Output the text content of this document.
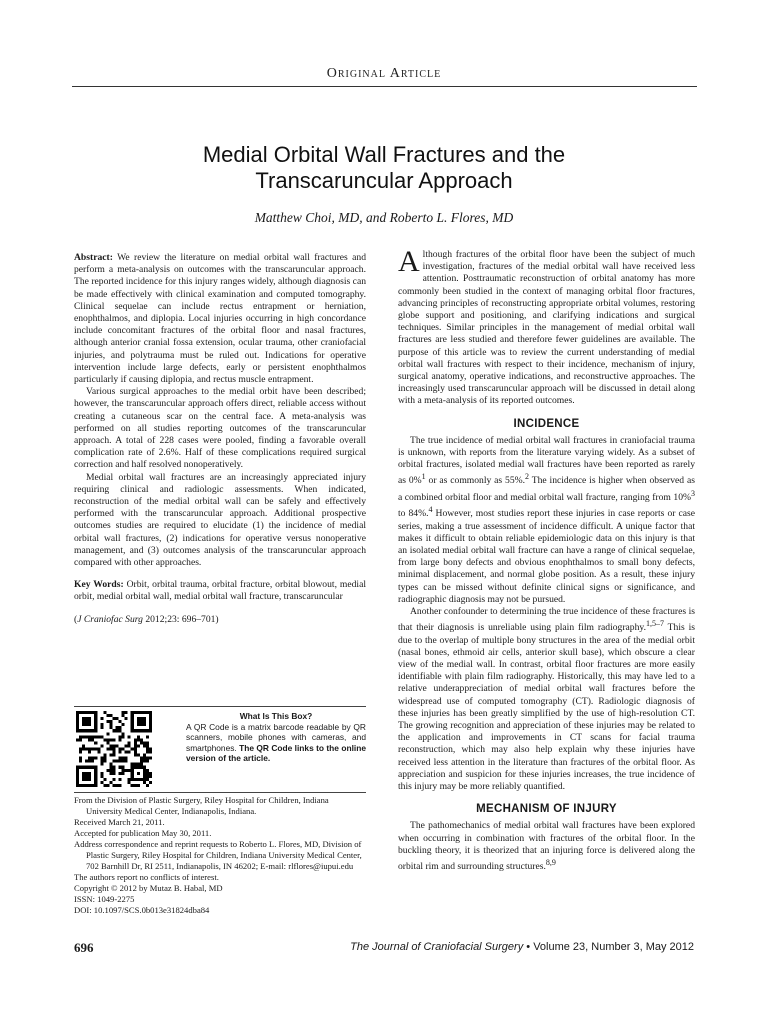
Original Article
Medial Orbital Wall Fractures and the
Transcaruncular Approach
Matthew Choi, MD, and Roberto L. Flores, MD

Abstract: We review the literature on medial orbital wall fractures and perform a meta-analysis on outcomes with the transcaruncular approach. The reported incidence for this injury ranges widely, although diagnosis can be made effectively with clinical examination and computed tomography. Clinical sequelae can include rectus entrapment or herniation, enophthalmos, and diplopia. Local injuries occurring in high concordance include concomitant fractures of the orbital floor and nasal fractures, although anterior cranial fossa extension, ocular trauma, other craniofacial injuries, and polytrauma must be ruled out. Indications for operative intervention include large defects, early or persistent enophthalmos particularly if causing diplopia, and rectus muscle entrapment.

Various surgical approaches to the medial orbit have been described; however, the transcaruncular approach offers direct, reliable access without creating a cutaneous scar on the central face. A meta-analysis was performed on all studies reporting outcomes of the transcaruncular approach. A total of 228 cases were pooled, finding a favorable overall complication rate of 2.6%. Half of these complications required surgical correction and half resolved nonoperatively.

Medial orbital wall fractures are an increasingly appreciated injury requiring clinical and radiologic assessments. When indicated, reconstruction of the medial orbital wall can be safely and effectively performed with the transcaruncular approach. Additional prospective outcomes studies are required to elucidate (1) the incidence of medial orbital wall fractures, (2) indications for operative versus nonoperative management, and (3) outcomes analysis of the transcaruncular approach compared with other approaches.

Key Words: Orbit, orbital trauma, orbital fracture, orbital blowout, medial orbit, medial orbital wall, medial orbital wall fracture, transcaruncular

(J Craniofac Surg 2012;23: 696–701)

What Is This Box?
A QR Code is a matrix barcode readable by QR scanners, mobile phones with cameras, and smartphones. The QR Code links to the online version of the article.
From the Division of Plastic Surgery, Riley Hospital for Children, Indiana University Medical Center, Indianapolis, Indiana.
Received March 21, 2011.
Accepted for publication May 30, 2011.
Address correspondence and reprint requests to Roberto L. Flores, MD, Division of Plastic Surgery, Riley Hospital for Children, Indiana University Medical Center, 702 Barnhill Dr, RI 2511, Indianapolis, IN 46202; E-mail: rlflores@iupui.edu
The authors report no conflicts of interest.
Copyright © 2012 by Mutaz B. Habal, MD
ISSN: 1049-2275
DOI: 10.1097/SCS.0b013e31824dba84

Although fractures of the orbital floor have been the subject of much investigation, fractures of the medial orbital wall have received less attention. Posttraumatic reconstruction of orbital anatomy has more commonly been studied in the context of managing orbital floor fractures, advancing principles of reconstructing appropriate orbital volumes, restoring globe support and positioning, and clarifying indications and surgical techniques. Similar principles in the management of medial orbital wall fractures are less studied and therefore fewer guidelines are available. The purpose of this article was to review the current understanding of medial orbital wall fractures with respect to their incidence, mechanism of injury, surgical anatomy, operative indications, and reconstructive approaches. The increasingly used transcaruncular approach will be discussed in detail along with a meta-analysis of its reported outcomes.

INCIDENCE

The true incidence of medial orbital wall fractures in craniofacial trauma is unknown, with reports from the literature varying widely. As a subset of orbital fractures, isolated medial wall fractures have been reported as rarely as 0%$^1$ or as commonly as 55%.$^2$ The incidence is higher when observed as a combined orbital floor and medial orbital wall fracture, ranging from 10%$^3$ to 84%.$^4$ However, most studies report these injuries in case reports or case series, making a true assessment of incidence difficult. A unique factor that makes it difficult to obtain reliable epidemiologic data on this injury is that an isolated medial orbital wall fracture can have a range of clinical sequelae, from large bony defects and obvious enophthalmos to small bony defects, minimal displacement, and normal globe position. As a result, these injury types can be missed without definite clinical signs or significance, and radiographic diagnosis may not be pursued.

Another confounder to determining the true incidence of these fractures is that their diagnosis is unreliable using plain film radiography.$^{1,5-7}$ This is due to the overlap of multiple bony structures in the area of the medial orbit (nasal bones, ethmoid air cells, anterior skull base), which obscure a clear view of the medial wall. In contrast, orbital floor fractures are more easily identifiable with plain film radiography. Historically, this may have led to a relative underappreciation of medial orbital wall fractures before the widespread use of computed tomography (CT). Radiologic diagnosis of these injuries has been greatly simplified by the use of high-resolution CT. The growing recognition and appreciation of these injuries may be related to the application and improvements in CT scans for facial trauma reconstruction, which may also help explain why these injuries have received less attention in the literature than fractures of the orbital floor. As appreciation and suspicion for these injuries increases, the true incidence of this injury may be more reliably quantified.

MECHANISM OF INJURY

The pathomechanics of medial orbital wall fractures have been explored when occurring in combination with fractures of the orbital floor. In the buckling theory, it is theorized that an injuring force is delivered along the orbital rim and surrounding structures.$^{8,9}$

696	The Journal of Craniofacial Surgery • Volume 23, Number 3, May 2012
